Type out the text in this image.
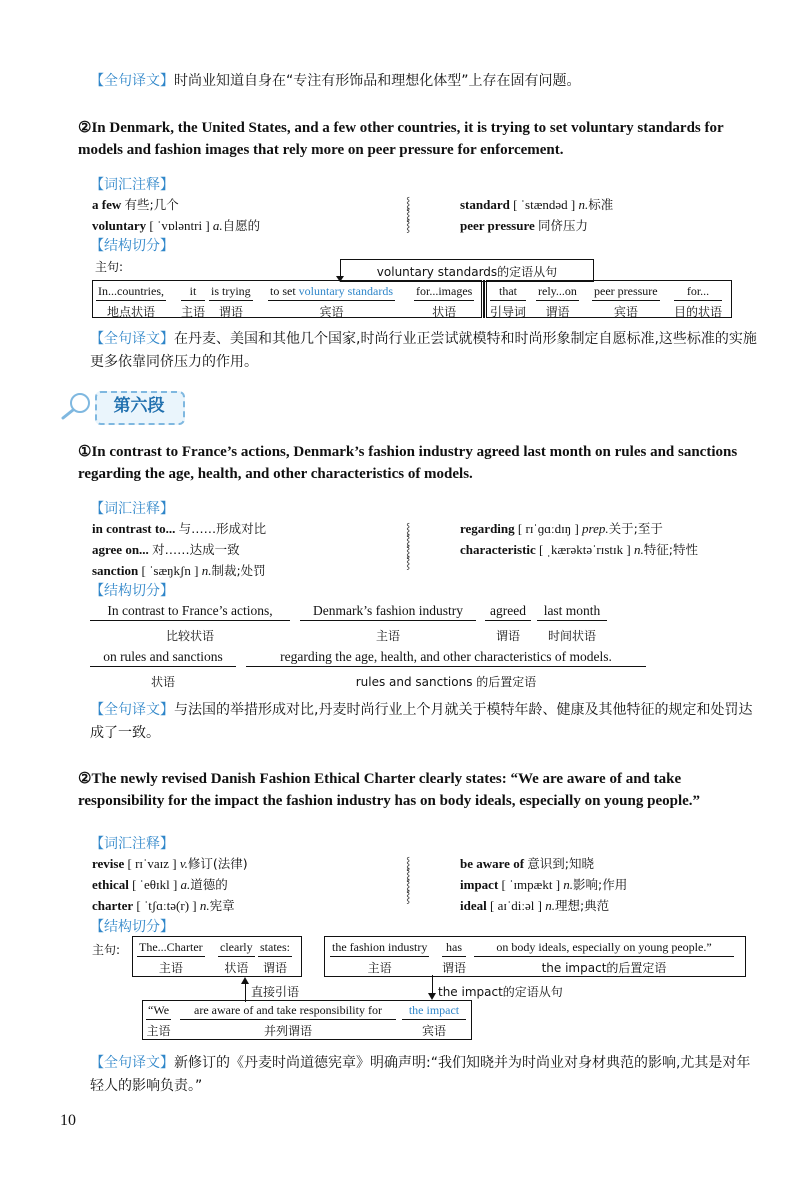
【全句译文】时尚业知道自身在“专注有形饰品和理想化体型”上存在固有问题。
②In Denmark, the United States, and a few other countries, it is trying to set voluntary standards for models and fashion images that rely more on peer pressure for enforcement.
【词汇注释】
a few 有些;几个
voluntary [ ˈvɒləntri ] a.自愿的
⸾
⸾
⸾
standard [ ˈstændəd ] n.标准
peer pressure 同侪压力
【结构切分】
主句:	voluntary standards的定语从句
In...countries,
地点状语
it
主语
is trying
谓语
to set voluntary standards
宾语
for...images
状语
that
引导词
rely...on
谓语
peer pressure
宾语
for...
目的状语
【全句译文】在丹麦、美国和其他几个国家,时尚行业正尝试就模特和时尚形象制定自愿标准,这些标准的实施更多依靠同侪压力的作用。
第六段
①In contrast to France’s actions, Denmark’s fashion industry agreed last month on rules and sanctions regarding the age, health, and other characteristics of models.
【词汇注释】
in contrast to... 与……形成对比
agree on... 对……达成一致
sanction [ ˈsæŋkʃn ] n.制裁;处罚
⸾
⸾
⸾
⸾
regarding [ rɪˈɡɑːdɪŋ ] prep.关于;至于
characteristic [ ˌkærəktəˈrɪstɪk ] n.特征;特性
【结构切分】
In contrast to France’s actions,
比较状语
Denmark’s fashion industry
主语
agreed
谓语
last month
时间状语
on rules and sanctions
状语
regarding the age, health, and other characteristics of models.
rules and sanctions 的后置定语
【全句译文】与法国的举措形成对比,丹麦时尚行业上个月就关于模特年龄、健康及其他特征的规定和处罚达成了一致。
②The newly revised Danish Fashion Ethical Charter clearly states: “We are aware of and take responsibility for the impact the fashion industry has on body ideals, especially on young people.”
【词汇注释】
revise [ rɪˈvaɪz ] v.修订(法律)
ethical [ ˈeθɪkl ] a.道德的
charter [ ˈtʃɑːtə(r) ] n.宪章
⸾
⸾
⸾
⸾
be aware of 意识到;知晓
impact [ ˈɪmpækt ] n.影响;作用
ideal [ aɪˈdiːəl ] n.理想;典范
【结构切分】
主句: The...Charter
主语
clearly
状语
states:
谓语
the fashion industry
主语
has
谓语
on body ideals, especially on young people.”
the impact的后置定语
直接引语	the impact的定语从句
“We
主语
are aware of and take responsibility for
并列谓语
the impact
宾语
【全句译文】新修订的《丹麦时尚道德宪章》明确声明:“我们知晓并为时尚业对身材典范的影响,尤其是对年轻人的影响负责。”
10
